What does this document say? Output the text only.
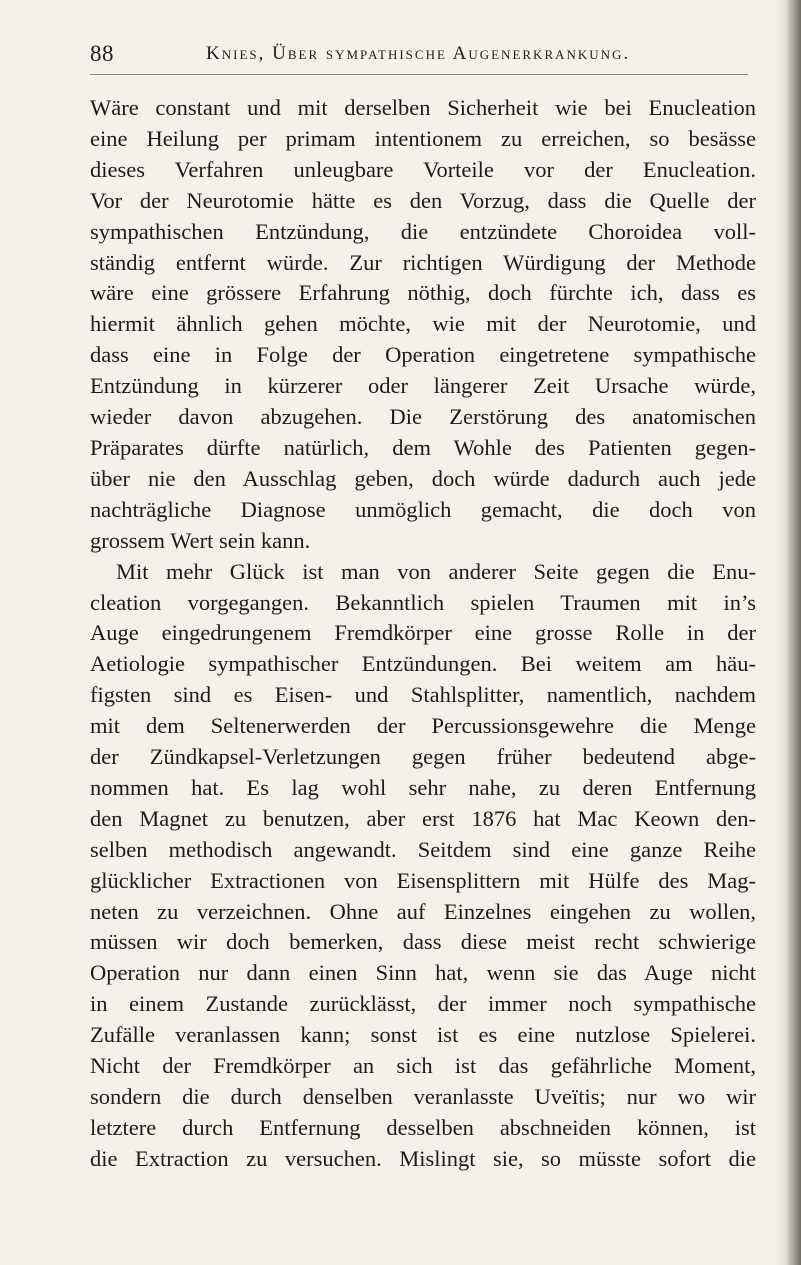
88	Knies, Über sympathische Augenerkrankung.
Wäre constant und mit derselben Sicherheit wie bei Enucleation
eine Heilung per primam intentionem zu erreichen, so besässe
dieses Verfahren unleugbare Vorteile vor der Enucleation.
Vor der Neurotomie hätte es den Vorzug, dass die Quelle der
sympathischen Entzündung, die entzündete Choroidea voll-
ständig entfernt würde. Zur richtigen Würdigung der Methode
wäre eine grössere Erfahrung nöthig, doch fürchte ich, dass es
hiermit ähnlich gehen möchte, wie mit der Neurotomie, und
dass eine in Folge der Operation eingetretene sympathische
Entzündung in kürzerer oder längerer Zeit Ursache würde,
wieder davon abzugehen. Die Zerstörung des anatomischen
Präparates dürfte natürlich, dem Wohle des Patienten gegen-
über nie den Ausschlag geben, doch würde dadurch auch jede
nachträgliche Diagnose unmöglich gemacht, die doch von
grossem Wert sein kann.
Mit mehr Glück ist man von anderer Seite gegen die Enu-
cleation vorgegangen. Bekanntlich spielen Traumen mit in’s
Auge eingedrungenem Fremdkörper eine grosse Rolle in der
Aetiologie sympathischer Entzündungen. Bei weitem am häu-
figsten sind es Eisen- und Stahlsplitter, namentlich, nachdem
mit dem Seltenerwerden der Percussionsgewehre die Menge
der Zündkapsel-Verletzungen gegen früher bedeutend abge-
nommen hat. Es lag wohl sehr nahe, zu deren Entfernung
den Magnet zu benutzen, aber erst 1876 hat Mac Keown den-
selben methodisch angewandt. Seitdem sind eine ganze Reihe
glücklicher Extractionen von Eisensplittern mit Hülfe des Mag-
neten zu verzeichnen. Ohne auf Einzelnes eingehen zu wollen,
müssen wir doch bemerken, dass diese meist recht schwierige
Operation nur dann einen Sinn hat, wenn sie das Auge nicht
in einem Zustande zurücklässt, der immer noch sympathische
Zufälle veranlassen kann; sonst ist es eine nutzlose Spielerei.
Nicht der Fremdkörper an sich ist das gefährliche Moment,
sondern die durch denselben veranlasste Uveïtis; nur wo wir
letztere durch Entfernung desselben abschneiden können, ist
die Extraction zu versuchen. Mislingt sie, so müsste sofort die
